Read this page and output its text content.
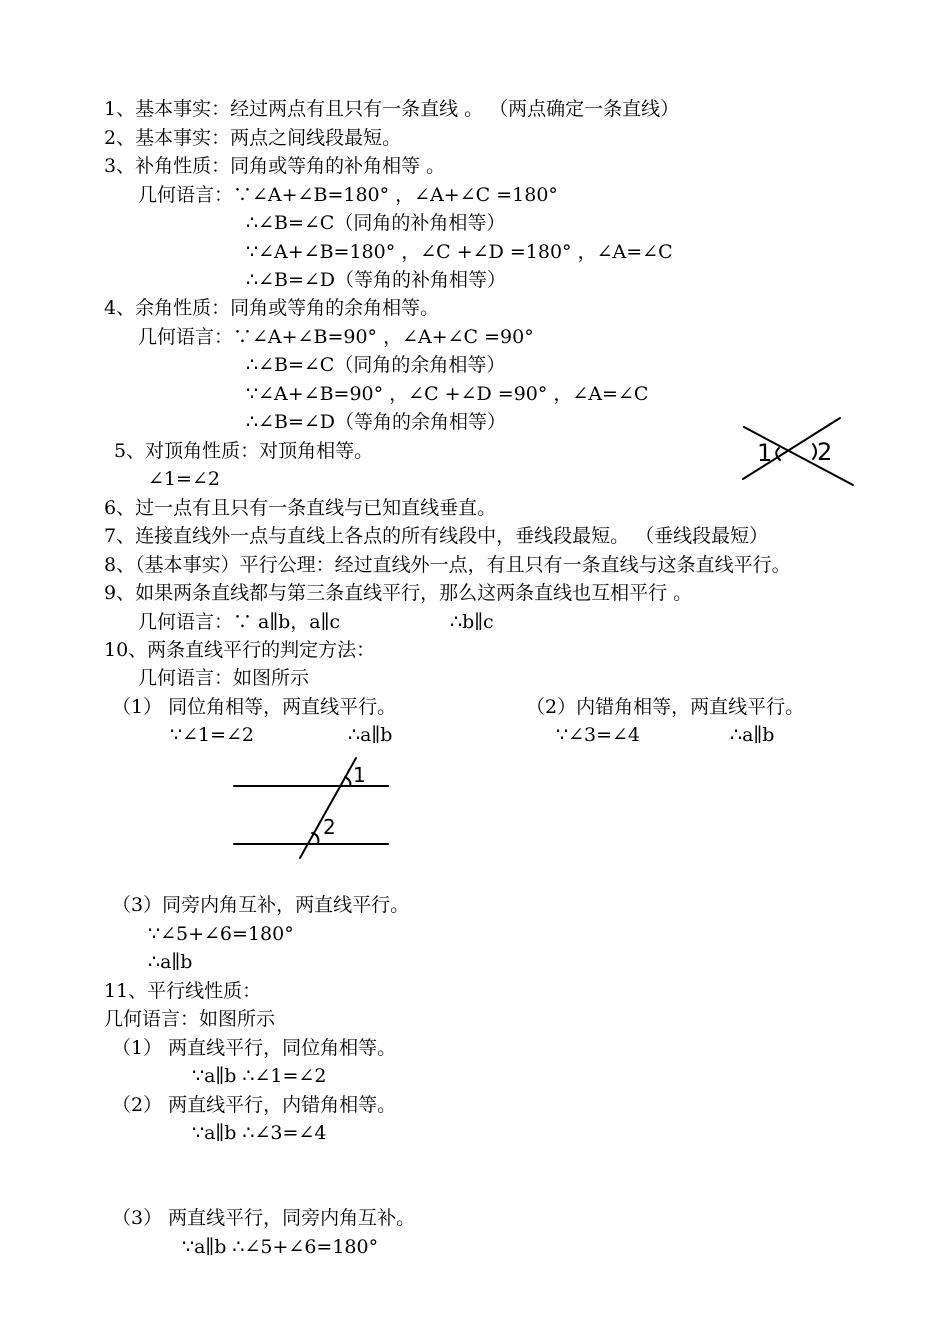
1、基本事实：经过两点有且只有一条直线 。 （两点确定一条直线）
2、基本事实：两点之间线段最短。
3、补角性质：同角或等角的补角相等 。
几何语言：∵∠A+∠B=180° ，∠A+∠C =180°
∴∠B=∠C（同角的补角相等）
∵∠A+∠B=180° ，∠C +∠D =180° ，∠A=∠C
∴∠B=∠D（等角的补角相等）
4、余角性质：同角或等角的余角相等。
几何语言：∵∠A+∠B=90° ，∠A+∠C =90°
∴∠B=∠C（同角的余角相等）
∵∠A+∠B=90° ，∠C +∠D =90° ，∠A=∠C
∴∠B=∠D（等角的余角相等）
5、对顶角性质：对顶角相等。
∠1=∠2
6、过一点有且只有一条直线与已知直线垂直。
7、连接直线外一点与直线上各点的所有线段中，垂线段最短。 （垂线段最短）
8、（基本事实）平行公理：经过直线外一点，有且只有一条直线与这条直线平行。
9、如果两条直线都与第三条直线平行，那么这两条直线也互相平行 。
几何语言：∵ a∥b，a∥c	∴b∥c
10、两条直线平行的判定方法：
几何语言：如图所示
（1） 同位角相等，两直线平行。
∵∠1=∠2	∴a∥b
（2）内错角相等，两直线平行。
∵∠3=∠4	∴a∥b
（3）同旁内角互补，两直线平行。
∵∠5+∠6=180°
∴a∥b
11、平行线性质：
几何语言：如图所示
（1） 两直线平行，同位角相等。
∵a∥b ∴∠1=∠2
（2） 两直线平行，内错角相等。
∵a∥b ∴∠3=∠4
（3） 两直线平行，同旁内角互补。
∵a∥b ∴∠5+∠6=180°
1 2
1
2
